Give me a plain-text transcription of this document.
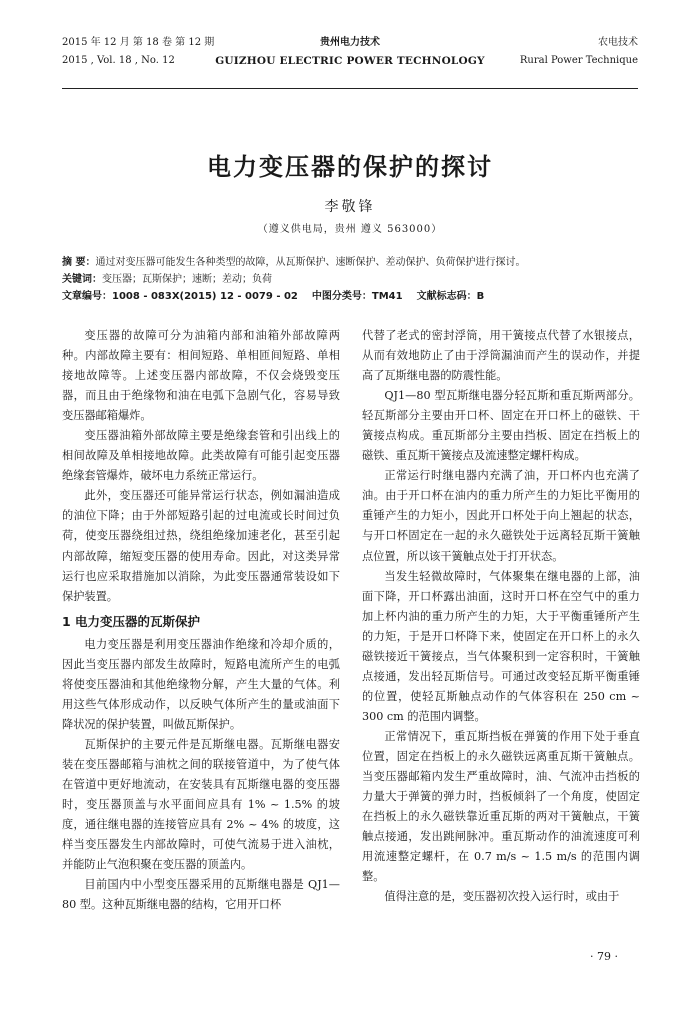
2015 年 12 月 第 18 卷 第 12 期	贵州电力技术	农电技术
2015 , Vol. 18 , No. 12	GUIZHOU ELECTRIC POWER TECHNOLOGY	Rural Power Technique
电力变压器的保护的探讨
李敬锋
（遵义供电局，贵州 遵义 563000）
摘 要：通过对变压器可能发生各种类型的故障，从瓦斯保护、速断保护、差动保护、负荷保护进行探讨。
关键词：变压器；瓦斯保护；速断；差动；负荷
文章编号：1008 - 083X(2015) 12 - 0079 - 02 中图分类号：TM41 文献标志码：B

变压器的故障可分为油箱内部和油箱外部故障两种。内部故障主要有：相间短路、单相匝间短路、单相接地故障等。上述变压器内部故障，不仅会烧毁变压器，而且由于绝缘物和油在电弧下急剧气化，容易导致变压器邮箱爆炸。

变压器油箱外部故障主要是绝缘套管和引出线上的相间故障及单相接地故障。此类故障有可能引起变压器绝缘套管爆炸，破坏电力系统正常运行。

此外，变压器还可能异常运行状态，例如漏油造成的油位下降；由于外部短路引起的过电流或长时间过负荷，使变压器绕组过热，绕组绝缘加速老化，甚至引起内部故障，缩短变压器的使用寿命。因此，对这类异常运行也应采取措施加以消除，为此变压器通常装设如下保护装置。

1 电力变压器的瓦斯保护

电力变压器是利用变压器油作绝缘和冷却介质的，因此当变压器内部发生故障时，短路电流所产生的电弧将使变压器油和其他绝缘物分解，产生大量的气体。利用这些气体形成动作，以反映气体所产生的量或油面下降状况的保护装置，叫做瓦斯保护。

瓦斯保护的主要元件是瓦斯继电器。瓦斯继电器安装在变压器邮箱与油枕之间的联接管道中，为了使气体在管道中更好地流动，在安装具有瓦斯继电器的变压器时，变压器顶盖与水平面间应具有 1% ~ 1.5% 的坡度，通往继电器的连接管应具有 2% ~ 4% 的坡度，这样当变压器发生内部故障时，可使气流易于进入油枕，并能防止气泡积聚在变压器的顶盖内。

目前国内中小型变压器采用的瓦斯继电器是 QJ1—80 型。这种瓦斯继电器的结构，它用开口杯

代替了老式的密封浮筒，用干簧接点代替了水银接点，从而有效地防止了由于浮筒漏油而产生的误动作，并提高了瓦斯继电器的防震性能。

QJ1—80 型瓦斯继电器分轻瓦斯和重瓦斯两部分。轻瓦斯部分主要由开口杯、固定在开口杯上的磁铁、干簧接点构成。重瓦斯部分主要由挡板、固定在挡板上的磁铁、重瓦斯干簧接点及流速整定螺杆构成。

正常运行时继电器内充满了油，开口杯内也充满了油。由于开口杯在油内的重力所产生的力矩比平衡用的重锤产生的力矩小，因此开口杯处于向上翘起的状态，与开口杯固定在一起的永久磁铁处于远离轻瓦斯干簧触点位置，所以该干簧触点处于打开状态。

当发生轻微故障时，气体聚集在继电器的上部，油面下降，开口杯露出油面，这时开口杯在空气中的重力加上杯内油的重力所产生的力矩，大于平衡重锤所产生的力矩，于是开口杯降下来，使固定在开口杯上的永久磁铁接近干簧接点，当气体聚积到一定容积时，干簧触点接通，发出轻瓦斯信号。可通过改变轻瓦斯平衡重锤的位置，使轻瓦斯触点动作的气体容积在 250 cm ~ 300 cm 的范围内调整。

正常情况下，重瓦斯挡板在弹簧的作用下处于垂直位置，固定在挡板上的永久磁铁远离重瓦斯干簧触点。当变压器邮箱内发生严重故障时，油、气流冲击挡板的力量大于弹簧的弹力时，挡板倾斜了一个角度，使固定在挡板上的永久磁铁靠近重瓦斯的两对干簧触点，干簧触点接通，发出跳闸脉冲。重瓦斯动作的油流速度可利用流速整定螺杆，在 0.7 m/s ~ 1.5 m/s 的范围内调整。

值得注意的是，变压器初次投入运行时，或由于

· 79 ·
